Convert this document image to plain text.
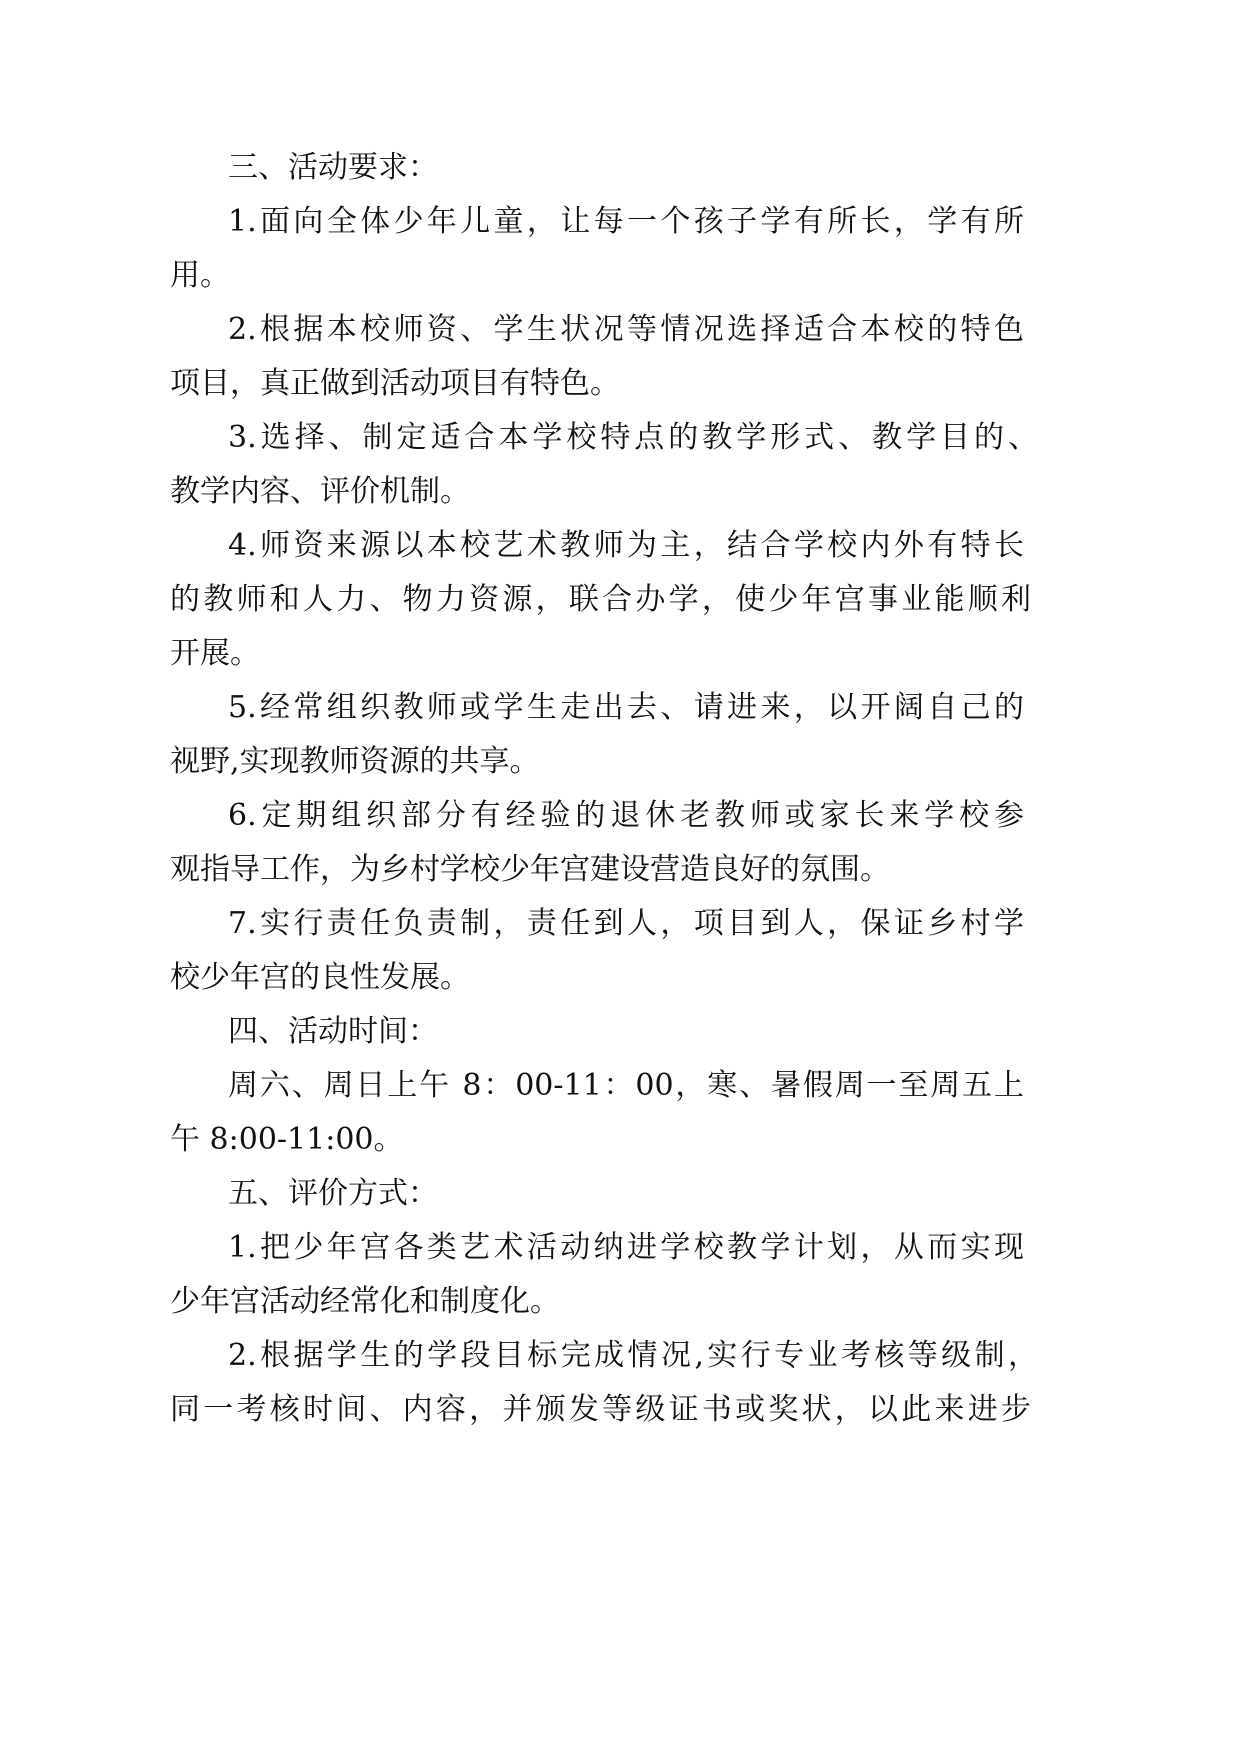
三、活动要求：
1.面向全体少年儿童，让每一个孩子学有所长，学有所
用。
2.根据本校师资、学生状况等情况选择适合本校的特色
项目，真正做到活动项目有特色。
3.选择、制定适合本学校特点的教学形式、教学目的、
教学内容、评价机制。
4.师资来源以本校艺术教师为主，结合学校内外有特长
的教师和人力、物力资源，联合办学，使少年宫事业能顺利
开展。
5.经常组织教师或学生走出去、请进来，以开阔自己的
视野,实现教师资源的共享。
6.定期组织部分有经验的退休老教师或家长来学校参
观指导工作，为乡村学校少年宫建设营造良好的氛围。
7.实行责任负责制，责任到人，项目到人，保证乡村学
校少年宫的良性发展。
四、活动时间：
周六、周日上午 8：00-11：00，寒、暑假周一至周五上
午 8:00-11:00。
五、评价方式：
1.把少年宫各类艺术活动纳进学校教学计划，从而实现
少年宫活动经常化和制度化。
2.根据学生的学段目标完成情况,实行专业考核等级制，
同一考核时间、内容，并颁发等级证书或奖状，以此来进步
